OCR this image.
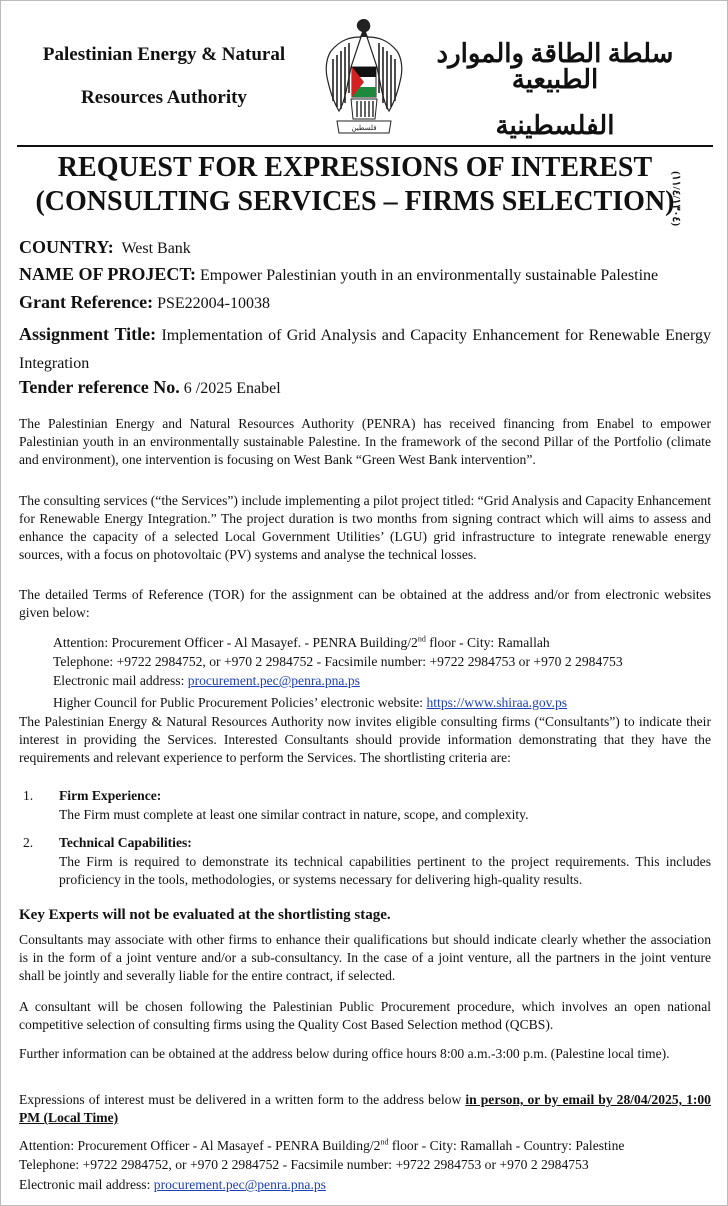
Palestinian Energy & Natural
Resources Authority
فلسطين
سلطة الطاقة والموارد الطبيعية
الفلسطينية
(١١/٤/١٣٠٤)
REQUEST FOR EXPRESSIONS OF INTEREST
(CONSULTING SERVICES – FIRMS SELECTION)
COUNTRY: West Bank
NAME OF PROJECT: Empower Palestinian youth in an environmentally sustainable Palestine
Grant Reference: PSE22004-10038
Assignment Title: Implementation of Grid Analysis and Capacity Enhancement for Renewable Energy Integration
Tender reference No. 6 /2025 Enabel
The Palestinian Energy and Natural Resources Authority (PENRA) has received financing from Enabel to empower Palestinian youth in an environmentally sustainable Palestine. In the framework of the second Pillar of the Portfolio (climate and environment), one intervention is focusing on West Bank “Green West Bank intervention”.
The consulting services (“the Services”) include implementing a pilot project titled: “Grid Analysis and Capacity Enhancement for Renewable Energy Integration.” The project duration is two months from signing contract which will aims to assess and enhance the capacity of a selected Local Government Utilities’ (LGU) grid infrastructure to integrate renewable energy sources, with a focus on photovoltaic (PV) systems and analyse the technical losses.
The detailed Terms of Reference (TOR) for the assignment can be obtained at the address and/or from electronic websites given below:
Attention: Procurement Officer - Al Masayef. - PENRA Building/2nd floor - City: Ramallah
Telephone: +9722 2984752, or +970 2 2984752 - Facsimile number: +9722 2984753 or +970 2 2984753
Electronic mail address: procurement.pec@penra.pna.ps
Higher Council for Public Procurement Policies’ electronic website: https://www.shiraa.gov.ps
The Palestinian Energy & Natural Resources Authority now invites eligible consulting firms (“Consultants”) to indicate their interest in providing the Services. Interested Consultants should provide information demonstrating that they have the requirements and relevant experience to perform the Services. The shortlisting criteria are:
1. Firm Experience:
The Firm must complete at least one similar contract in nature, scope, and complexity.
2. Technical Capabilities:
The Firm is required to demonstrate its technical capabilities pertinent to the project requirements. This includes proficiency in the tools, methodologies, or systems necessary for delivering high-quality results.
Key Experts will not be evaluated at the shortlisting stage.
Consultants may associate with other firms to enhance their qualifications but should indicate clearly whether the association is in the form of a joint venture and/or a sub-consultancy. In the case of a joint venture, all the partners in the joint venture shall be jointly and severally liable for the entire contract, if selected.
A consultant will be chosen following the Palestinian Public Procurement procedure, which involves an open national competitive selection of consulting firms using the Quality Cost Based Selection method (QCBS).
Further information can be obtained at the address below during office hours 8:00 a.m.-3:00 p.m. (Palestine local time).
Expressions of interest must be delivered in a written form to the address below in person, or by email by 28/04/2025, 1:00 PM (Local Time)
Attention: Procurement Officer - Al Masayef - PENRA Building/2nd floor - City: Ramallah - Country: Palestine
Telephone: +9722 2984752, or +970 2 2984752 - Facsimile number: +9722 2984753 or +970 2 2984753
Electronic mail address: procurement.pec@penra.pna.ps
